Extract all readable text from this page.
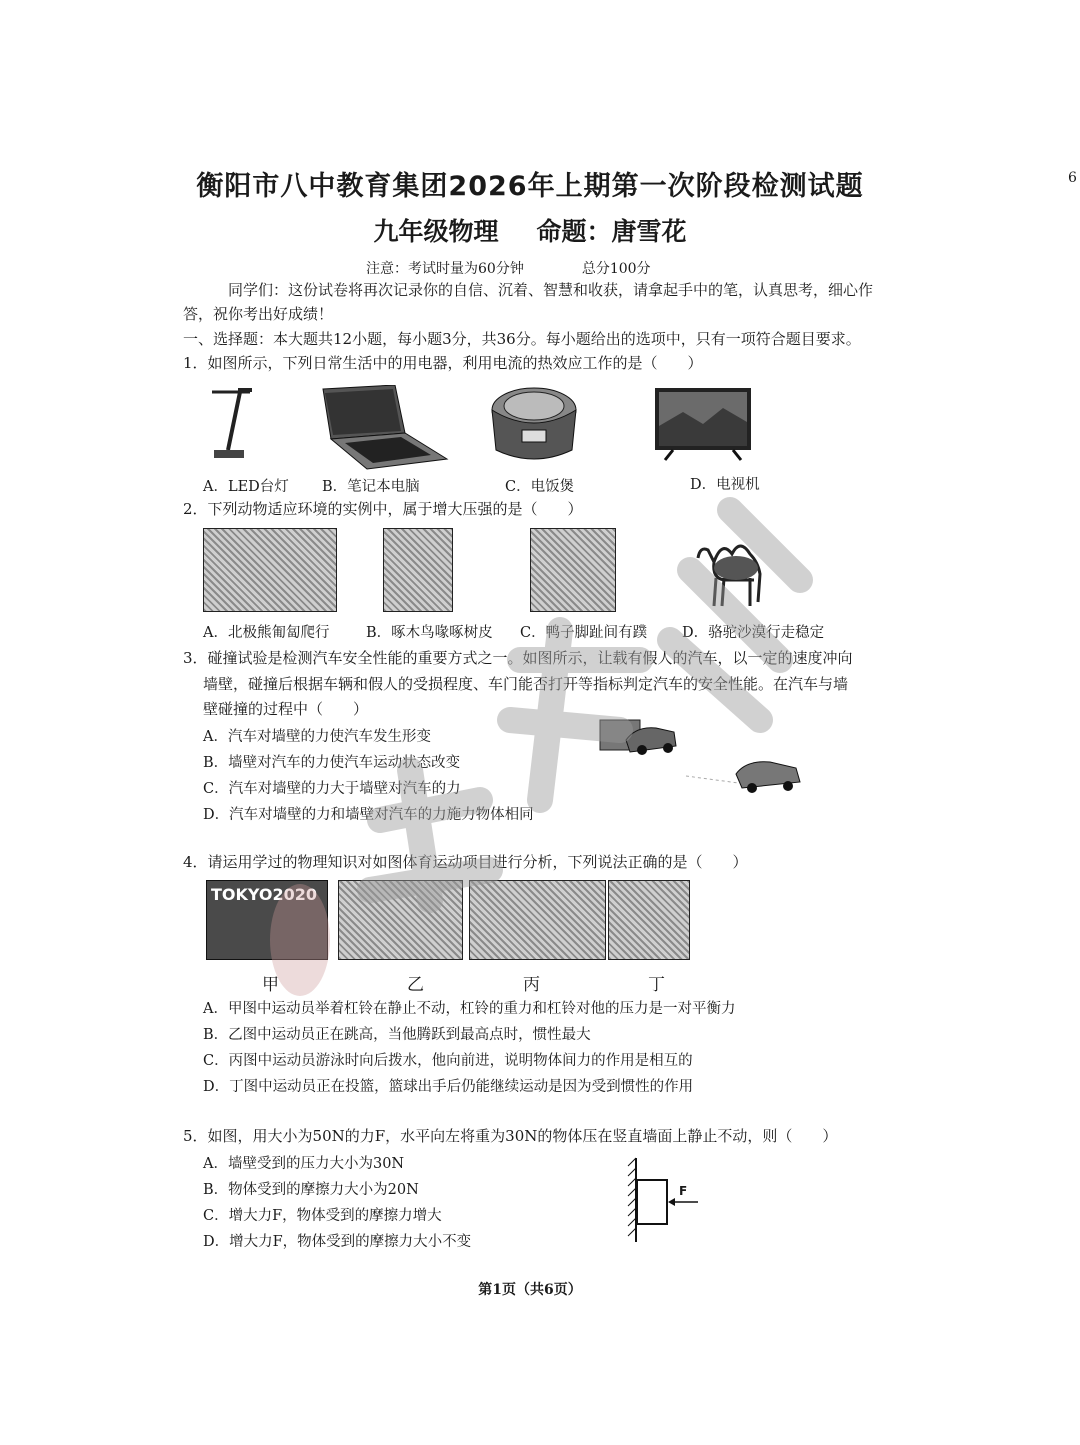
衡阳市八中教育集团2026年上期第一次阶段检测试题
九年级物理 命题：唐雪花
6
注意：考试时量为60分钟	总分100分
同学们：这份试卷将再次记录你的自信、沉着、智慧和收获，请拿起手中的笔，认真思考，细心作
答，祝你考出好成绩！
一、选择题：本大题共12小题，每小题3分，共36分。每小题给出的选项中，只有一项符合题目要求。
1．如图所示，下列日常生活中的用电器，利用电流的热效应工作的是（　　）
A．LED台灯 B．笔记本电脑	C．电饭煲	D．电视机
2．下列动物适应环境的实例中，属于增大压强的是（　　）
A．北极熊匍匐爬行	B．啄木鸟喙啄树皮 C．鸭子脚趾间有蹼 D．骆驼沙漠行走稳定
3．碰撞试验是检测汽车安全性能的重要方式之一。如图所示，让载有假人的汽车，以一定的速度冲向
墙壁，碰撞后根据车辆和假人的受损程度、车门能否打开等指标判定汽车的安全性能。在汽车与墙
壁碰撞的过程中（　　）
A．汽车对墙壁的力使汽车发生形变
B．墙壁对汽车的力使汽车运动状态改变
C．汽车对墙壁的力大于墙壁对汽车的力
D．汽车对墙壁的力和墙壁对汽车的力施力物体相同
4．请运用学过的物理知识对如图体育运动项目进行分析，下列说法正确的是（　　）
TOKYO2020
甲	乙	丙	丁
A．甲图中运动员举着杠铃在静止不动，杠铃的重力和杠铃对他的压力是一对平衡力
B．乙图中运动员正在跳高，当他腾跃到最高点时，惯性最大
C．丙图中运动员游泳时向后拨水，他向前进，说明物体间力的作用是相互的
D．丁图中运动员正在投篮，篮球出手后仍能继续运动是因为受到惯性的作用
5．如图，用大小为50N的力F，水平向左将重为30N的物体压在竖直墙面上静止不动，则（　　）
A．墙壁受到的压力大小为30N
B．物体受到的摩擦力大小为20N
C．增大力F，物体受到的摩擦力增大
D．增大力F，物体受到的摩擦力大小不变
F
第1页（共6页）
